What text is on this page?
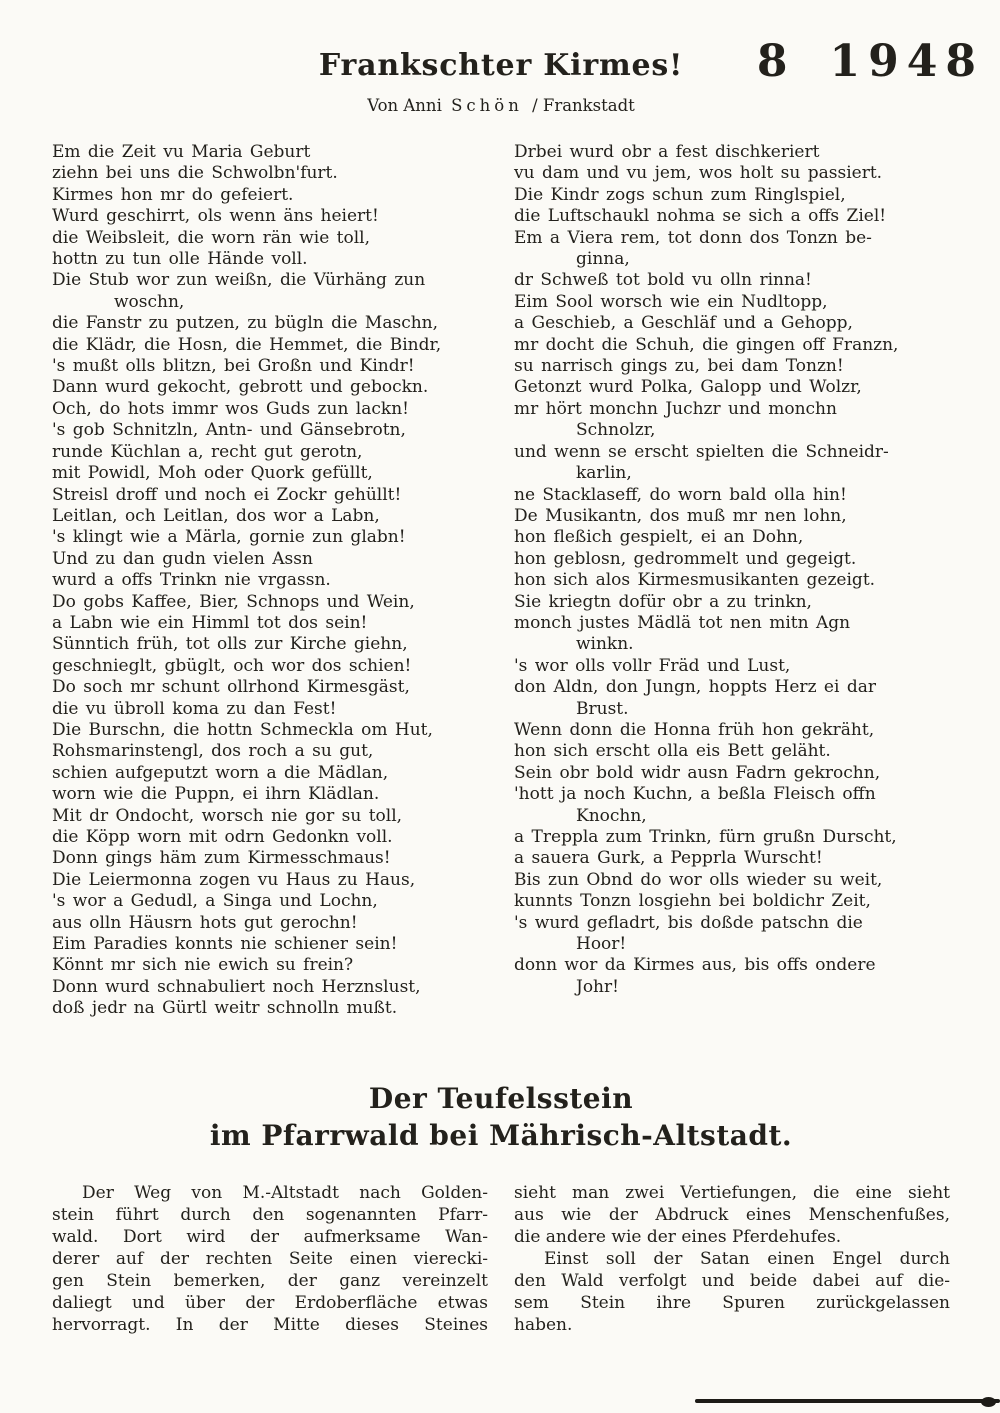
Frankschter Kirmes!	8 1948

Von Anni Schön / Frankstadt

Em die Zeit vu Maria Geburt
ziehn bei uns die Schwolbn'furt.
Kirmes hon mr do gefeiert.
Wurd geschirrt, ols wenn äns heiert!
die Weibsleit, die worn rän wie toll,
hottn zu tun olle Hände voll.
Die Stub wor zun weißn, die Vürhäng zun
woschn,
die Fanstr zu putzen, zu bügln die Maschn,
die Klädr, die Hosn, die Hemmet, die Bindr,
's mußt olls blitzn, bei Großn und Kindr!
Dann wurd gekocht, gebrott und gebockn.
Och, do hots immr wos Guds zun lackn!
's gob Schnitzln, Antn- und Gänsebrotn,
runde Küchlan a, recht gut gerotn,
mit Powidl, Moh oder Quork gefüllt,
Streisl droff und noch ei Zockr gehüllt!
Leitlan, och Leitlan, dos wor a Labn,
's klingt wie a Märla, gornie zun glabn!
Und zu dan gudn vielen Assn
wurd a offs Trinkn nie vrgassn.
Do gobs Kaffee, Bier, Schnops und Wein,
a Labn wie ein Himml tot dos sein!
Sünntich früh, tot olls zur Kirche giehn,
geschnieglt, gbüglt, och wor dos schien!
Do soch mr schunt ollrhond Kirmesgäst,
die vu übroll koma zu dan Fest!
Die Burschn, die hottn Schmeckla om Hut,
Rohsmarinstengl, dos roch a su gut,
schien aufgeputzt worn a die Mädlan,
worn wie die Puppn, ei ihrn Klädlan.
Mit dr Ondocht, worsch nie gor su toll,
die Köpp worn mit odrn Gedonkn voll.
Donn gings häm zum Kirmesschmaus!
Die Leiermonna zogen vu Haus zu Haus,
's wor a Gedudl, a Singa und Lochn,
aus olln Häusrn hots gut gerochn!
Eim Paradies konnts nie schiener sein!
Könnt mr sich nie ewich su frein?
Donn wurd schnabuliert noch Herznslust,
doß jedr na Gürtl weitr schnolln mußt.
Drbei wurd obr a fest dischkeriert
vu dam und vu jem, wos holt su passiert.
Die Kindr zogs schun zum Ringlspiel,
die Luftschaukl nohma se sich a offs Ziel!
Em a Viera rem, tot donn dos Tonzn be-
ginna,
dr Schweß tot bold vu olln rinna!
Eim Sool worsch wie ein Nudltopp,
a Geschieb, a Geschläf und a Gehopp,
mr docht die Schuh, die gingen off Franzn,
su narrisch gings zu, bei dam Tonzn!
Getonzt wurd Polka, Galopp und Wolzr,
mr hört monchn Juchzr und monchn
Schnolzr,
und wenn se erscht spielten die Schneidr-
karlin,
ne Stacklaseff, do worn bald olla hin!
De Musikantn, dos muß mr nen lohn,
hon fleßich gespielt, ei an Dohn,
hon geblosn, gedrommelt und gegeigt.
hon sich alos Kirmesmusikanten gezeigt.
Sie kriegtn dofür obr a zu trinkn,
monch justes Mädlä tot nen mitn Agn
winkn.
's wor olls vollr Fräd und Lust,
don Aldn, don Jungn, hoppts Herz ei dar
Brust.
Wenn donn die Honna früh hon gekräht,
hon sich erscht olla eis Bett geläht.
Sein obr bold widr ausn Fadrn gekrochn,
'hott ja noch Kuchn, a beßla Fleisch offn
Knochn,
a Treppla zum Trinkn, fürn grußn Durscht,
a sauera Gurk, a Pepprla Wurscht!
Bis zun Obnd do wor olls wieder su weit,
kunnts Tonzn losgiehn bei boldichr Zeit,
's wurd gefladrt, bis doßde patschn die
Hoor!
donn wor da Kirmes aus, bis offs ondere
Johr!
Der Teufelsstein
im Pfarrwald bei Mährisch-Altstadt.
Der Weg von M.-Altstadt nach Golden-
stein führt durch den sogenannten Pfarr-
wald. Dort wird der aufmerksame Wan-
derer auf der rechten Seite einen vierecki-
gen Stein bemerken, der ganz vereinzelt
daliegt und über der Erdoberfläche etwas
hervorragt. In der Mitte dieses Steines
sieht man zwei Vertiefungen, die eine sieht
aus wie der Abdruck eines Menschenfußes,
die andere wie der eines Pferdehufes.
Einst soll der Satan einen Engel durch
den Wald verfolgt und beide dabei auf die-
sem Stein ihre Spuren zurückgelassen
haben.
